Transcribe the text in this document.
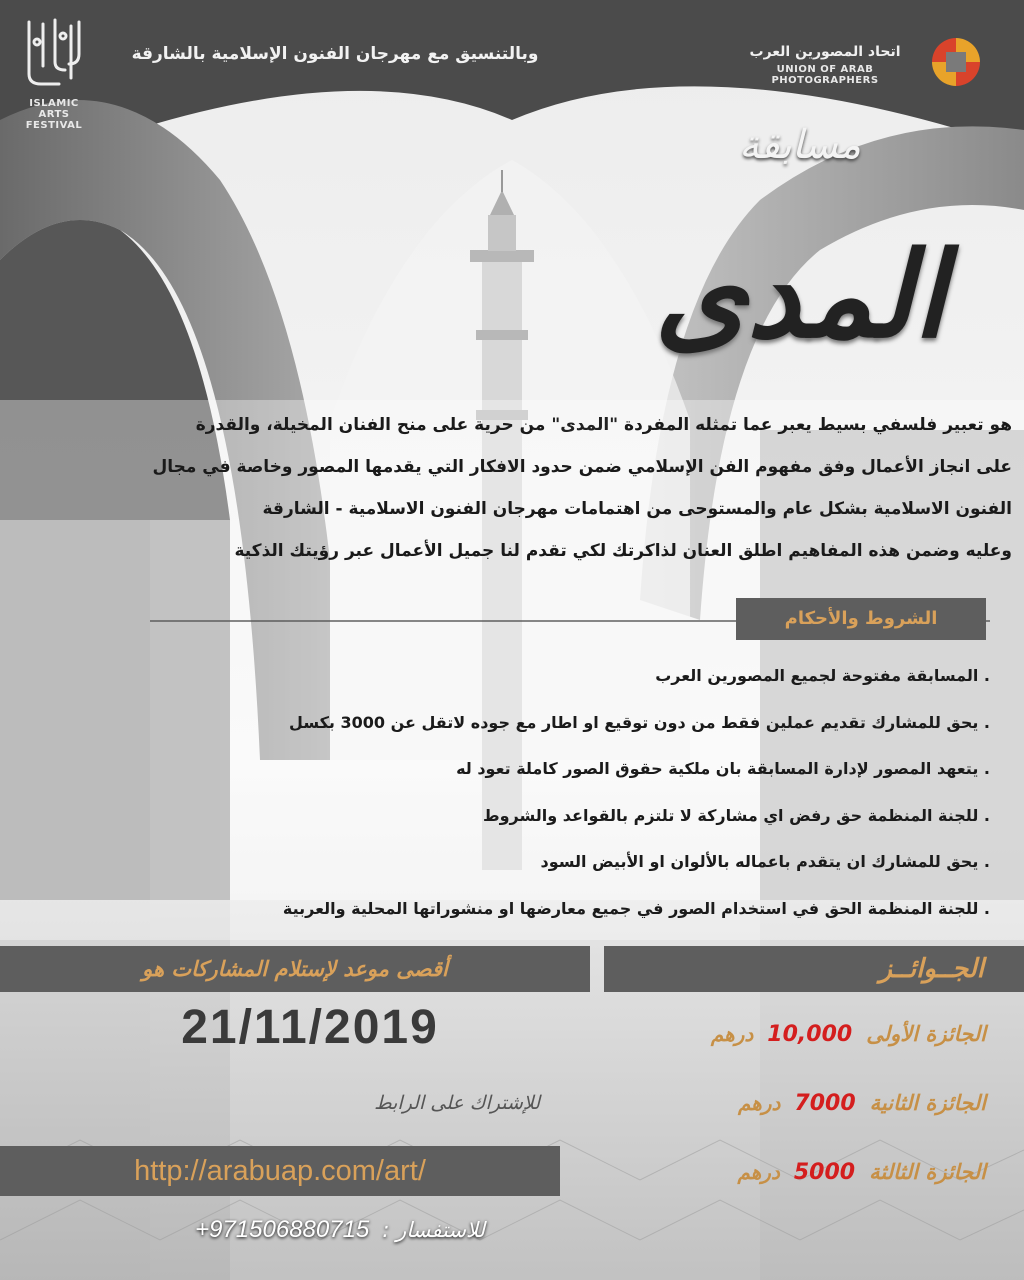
ISLAMIC ARTS
FESTIVAL
وبالتنسيق مع مهرجان الفنون الإسلامية بالشارقة	اتحاد المصورين العرب
UNION OF ARAB PHOTOGRAPHERS
مسابقة
المدى

هو تعبير فلسفي بسيط يعبر عما تمثله المفردة "المدى" من حرية على منح الفنان المخيلة، والقدرة

على انجاز الأعمال وفق مفهوم الفن الإسلامي ضمن حدود الافكار التي يقدمها المصور وخاصة في مجال

الفنون الاسلامية بشكل عام والمستوحى من اهتمامات مهرجان الفنون الاسلامية - الشارقة

وعليه وضمن هذه المفاهيم اطلق العنان لذاكرتك لكي تقدم لنا جميل الأعمال عبر رؤيتك الذكية

الشروط والأحكام
. المسابقة مفتوحة لجميع المصورين العرب
. يحق للمشارك تقديم عملين فقط من دون توقيع او اطار مع جوده لاتقل عن 3000 بكسل
. يتعهد المصور لإدارة المسابقة بان ملكية حقوق الصور كاملة تعود له
. للجنة المنظمة حق رفض اي مشاركة لا تلتزم بالقواعد والشروط
. يحق للمشارك ان يتقدم باعماله بالألوان او الأبيض السود
. للجنة المنظمة الحق في استخدام الصور في جميع معارضها او منشوراتها المحلية والعربية
أقصى موعد لإستلام المشاركات هو	الجــوائــز
21/11/2019
للإشتراك على الرابط
http://arabuap.com/art/
الجائزة الأولى10,000درهم
الجائزة الثانية7000درهم
الجائزة الثالثة5000درهم
+971506880715 للاستفسار :
